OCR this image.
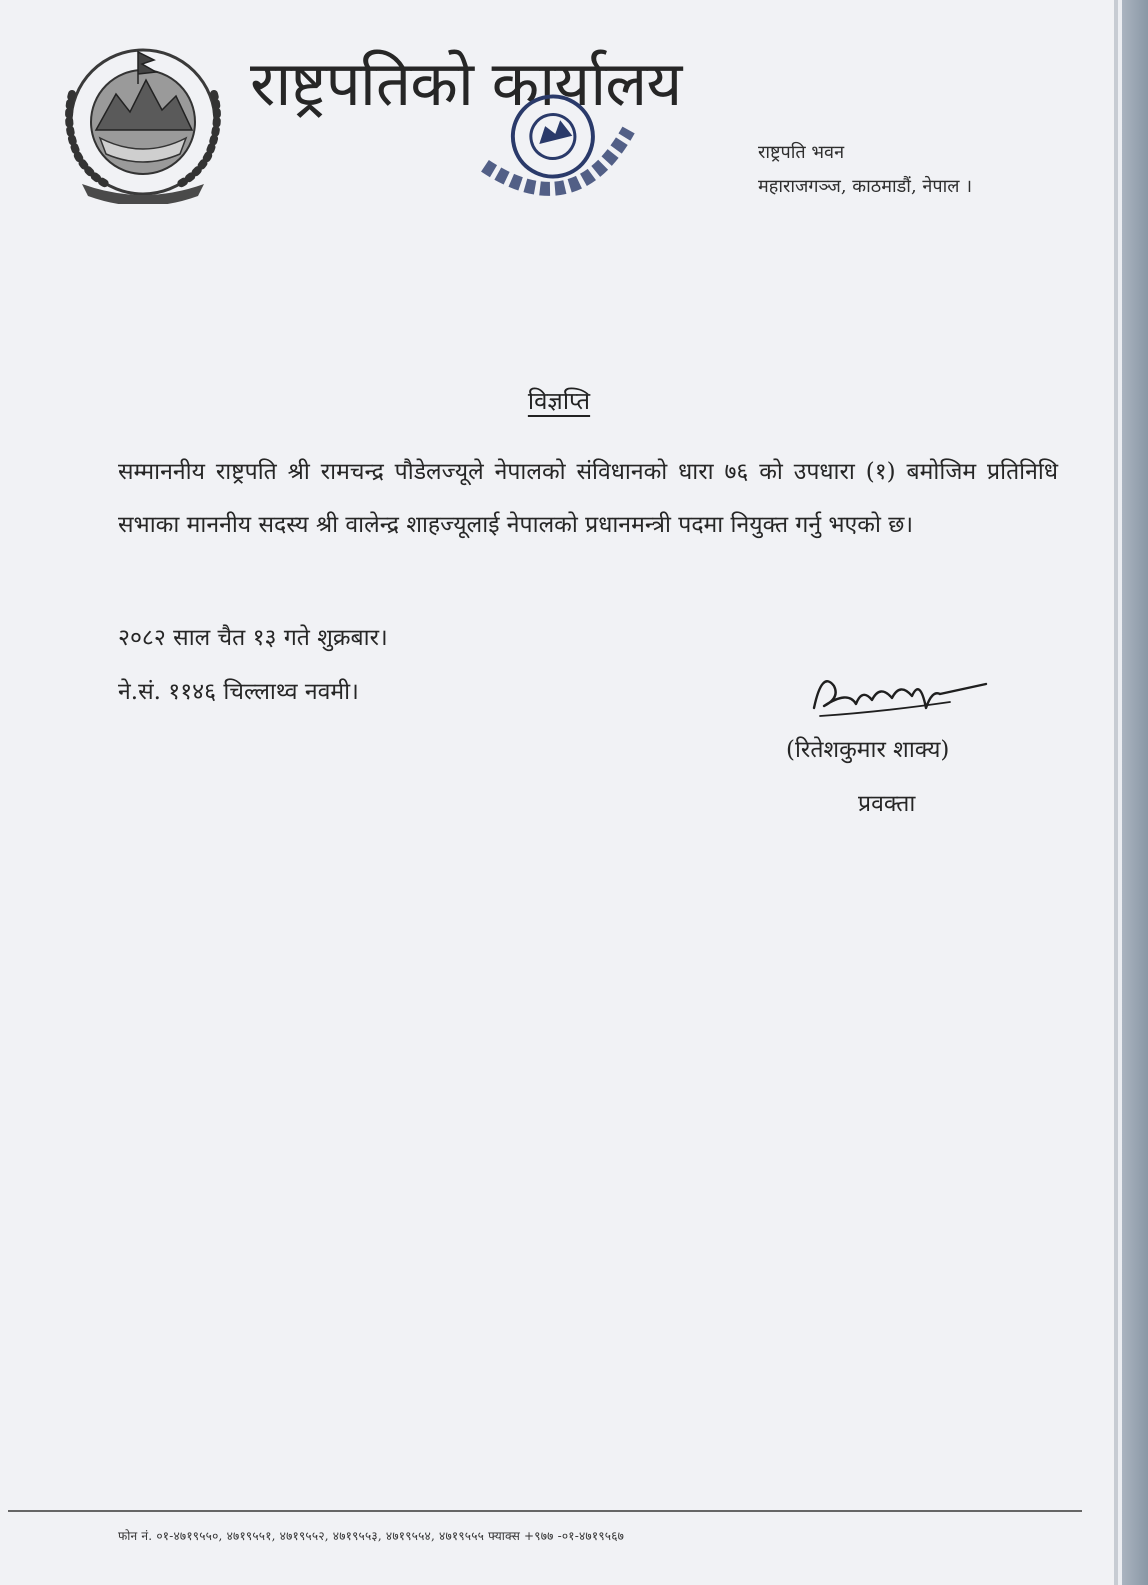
राष्ट्रपतिको कार्यालय
राष्ट्रपति भवन
महाराजगञ्ज, काठमाडौं, नेपाल ।
विज्ञप्ति

सम्माननीय राष्ट्रपति श्री रामचन्द्र पौडेलज्यूले नेपालको संविधानको धारा ७६ को उपधारा (१) बमोजिम प्रतिनिधि सभाका माननीय सदस्य श्री वालेन्द्र शाहज्यूलाई नेपालको प्रधानमन्त्री पदमा नियुक्त गर्नु भएको छ।

२०८२ साल चैत १३ गते शुक्रबार।

ने.सं. ११४६ चिल्लाथ्व नवमी।

(रितेशकुमार शाक्य)
प्रवक्ता
फोन नं. ०१-४७१९५५०, ४७१९५५१, ४७१९५५२, ४७१९५५३, ४७१९५५४, ४७१९५५५ फ्याक्स +९७७ -०१-४७१९५६७
